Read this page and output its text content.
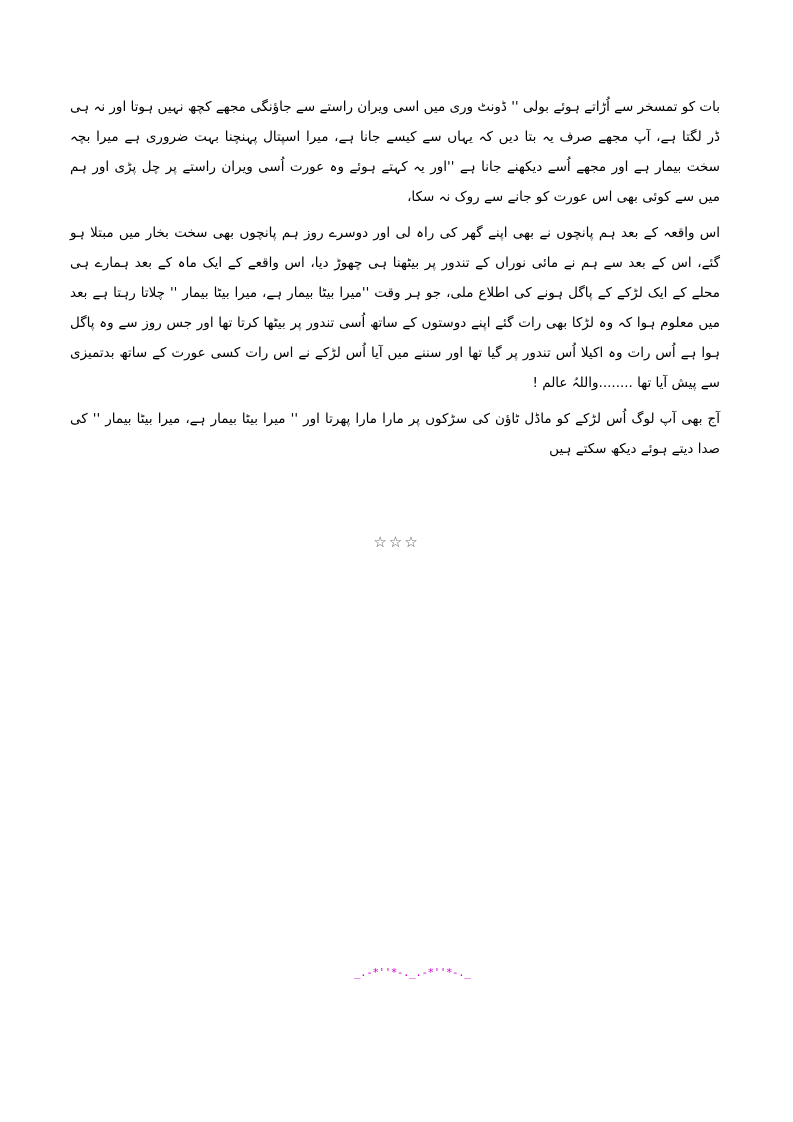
بات کو تمسخر سے اُڑاتے ہوئے بولی '' ڈونٹ وری میں اسی ویران راستے سے جاؤنگی مجھے کچھ نہیں ہوتا اور نہ ہی ڈر لگتا ہے، آپ مجھے صرف یہ بتا دیں کہ یہاں سے کیسے جانا ہے، میرا اسپتال پہنچنا بہت ضروری ہے میرا بچہ سخت بیمار ہے اور مجھے اُسے دیکھنے جانا ہے ''اور یہ کہتے ہوئے وہ عورت اُسی ویران راستے پر چل پڑی اور ہم میں سے کوئی بھی اس عورت کو جانے سے روک نہ سکا،

اس واقعہ کے بعد ہم پانچوں نے بھی اپنے گھر کی راہ لی اور دوسرے روز ہم پانچوں بھی سخت بخار میں مبتلا ہو گئے، اس کے بعد سے ہم نے مائی نوراں کے تندور پر بیٹھنا ہی چھوڑ دیا، اس واقعے کے ایک ماہ کے بعد ہمارے ہی محلے کے ایک لڑکے کے پاگل ہونے کی اطلاع ملی، جو ہر وقت ''میرا بیٹا بیمار ہے، میرا بیٹا بیمار '' چلاتا رہتا ہے بعد میں معلوم ہوا کہ وہ لڑکا بھی رات گئے اپنے دوستوں کے ساتھ اُسی تندور پر بیٹھا کرتا تھا اور جس روز سے وہ پاگل ہوا ہے اُس رات وہ اکیلا اُس تندور پر گیا تھا اور سننے میں آیا اُس لڑکے نے اس رات کسی عورت کے ساتھ بدتمیزی سے پیش آیا تھا ........واللہُ عالم !

آج بھی آپ لوگ اُس لڑکے کو ماڈل ٹاؤن کی سڑکوں پر مارا مارا پھرتا اور '' میرا بیٹا بیمار ہے، میرا بیٹا بیمار '' کی صدا دیتے ہوئے دیکھ سکتے ہیں

☆☆☆
_.-*''*-._.-*''*-._
